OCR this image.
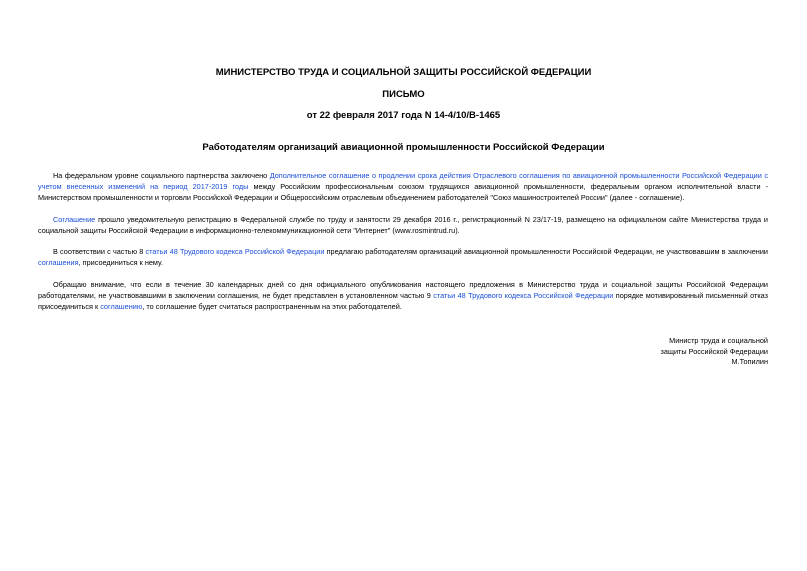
МИНИСТЕРСТВО ТРУДА И СОЦИАЛЬНОЙ ЗАЩИТЫ РОССИЙСКОЙ ФЕДЕРАЦИИ
ПИСЬМО
от 22 февраля 2017 года N 14-4/10/В-1465
Работодателям организаций авиационной промышленности Российской Федерации

На федеральном уровне социального партнерства заключено Дополнительное соглашение о продлении срока действия Отраслевого соглашения по авиационной промышленности Российской Федерации с учетом внесенных изменений на период 2017-2019 годы между Российским профессиональным союзом трудящихся авиационной промышленности, федеральным органом исполнительной власти - Министерством промышленности и торговли Российской Федерации и Общероссийским отраслевым объединением работодателей "Союз машиностроителей России" (далее - соглашение).

Соглашение прошло уведомительную регистрацию в Федеральной службе по труду и занятости 29 декабря 2016 г., регистрационный N 23/17-19, размещено на официальном сайте Министерства труда и социальной защиты Российской Федерации в информационно-телекоммуникационной сети "Интернет" (www.rosmintrud.ru).

В соответствии с частью 8 статьи 48 Трудового кодекса Российской Федерации предлагаю работодателям организаций авиационной промышленности Российской Федерации, не участвовавшим в заключении соглашения, присоединиться к нему.

Обращаю внимание, что если в течение 30 календарных дней со дня официального опубликования настоящего предложения в Министерство труда и социальной защиты Российской Федерации работодателями, не участвовавшими в заключении соглашения, не будет представлен в установленном частью 9 статьи 48 Трудового кодекса Российской Федерации порядке мотивированный письменный отказ присоединиться к соглашению, то соглашение будет считаться распространенным на этих работодателей.

Министр труда и социальной
защиты Российской Федерации
М.Топилин
